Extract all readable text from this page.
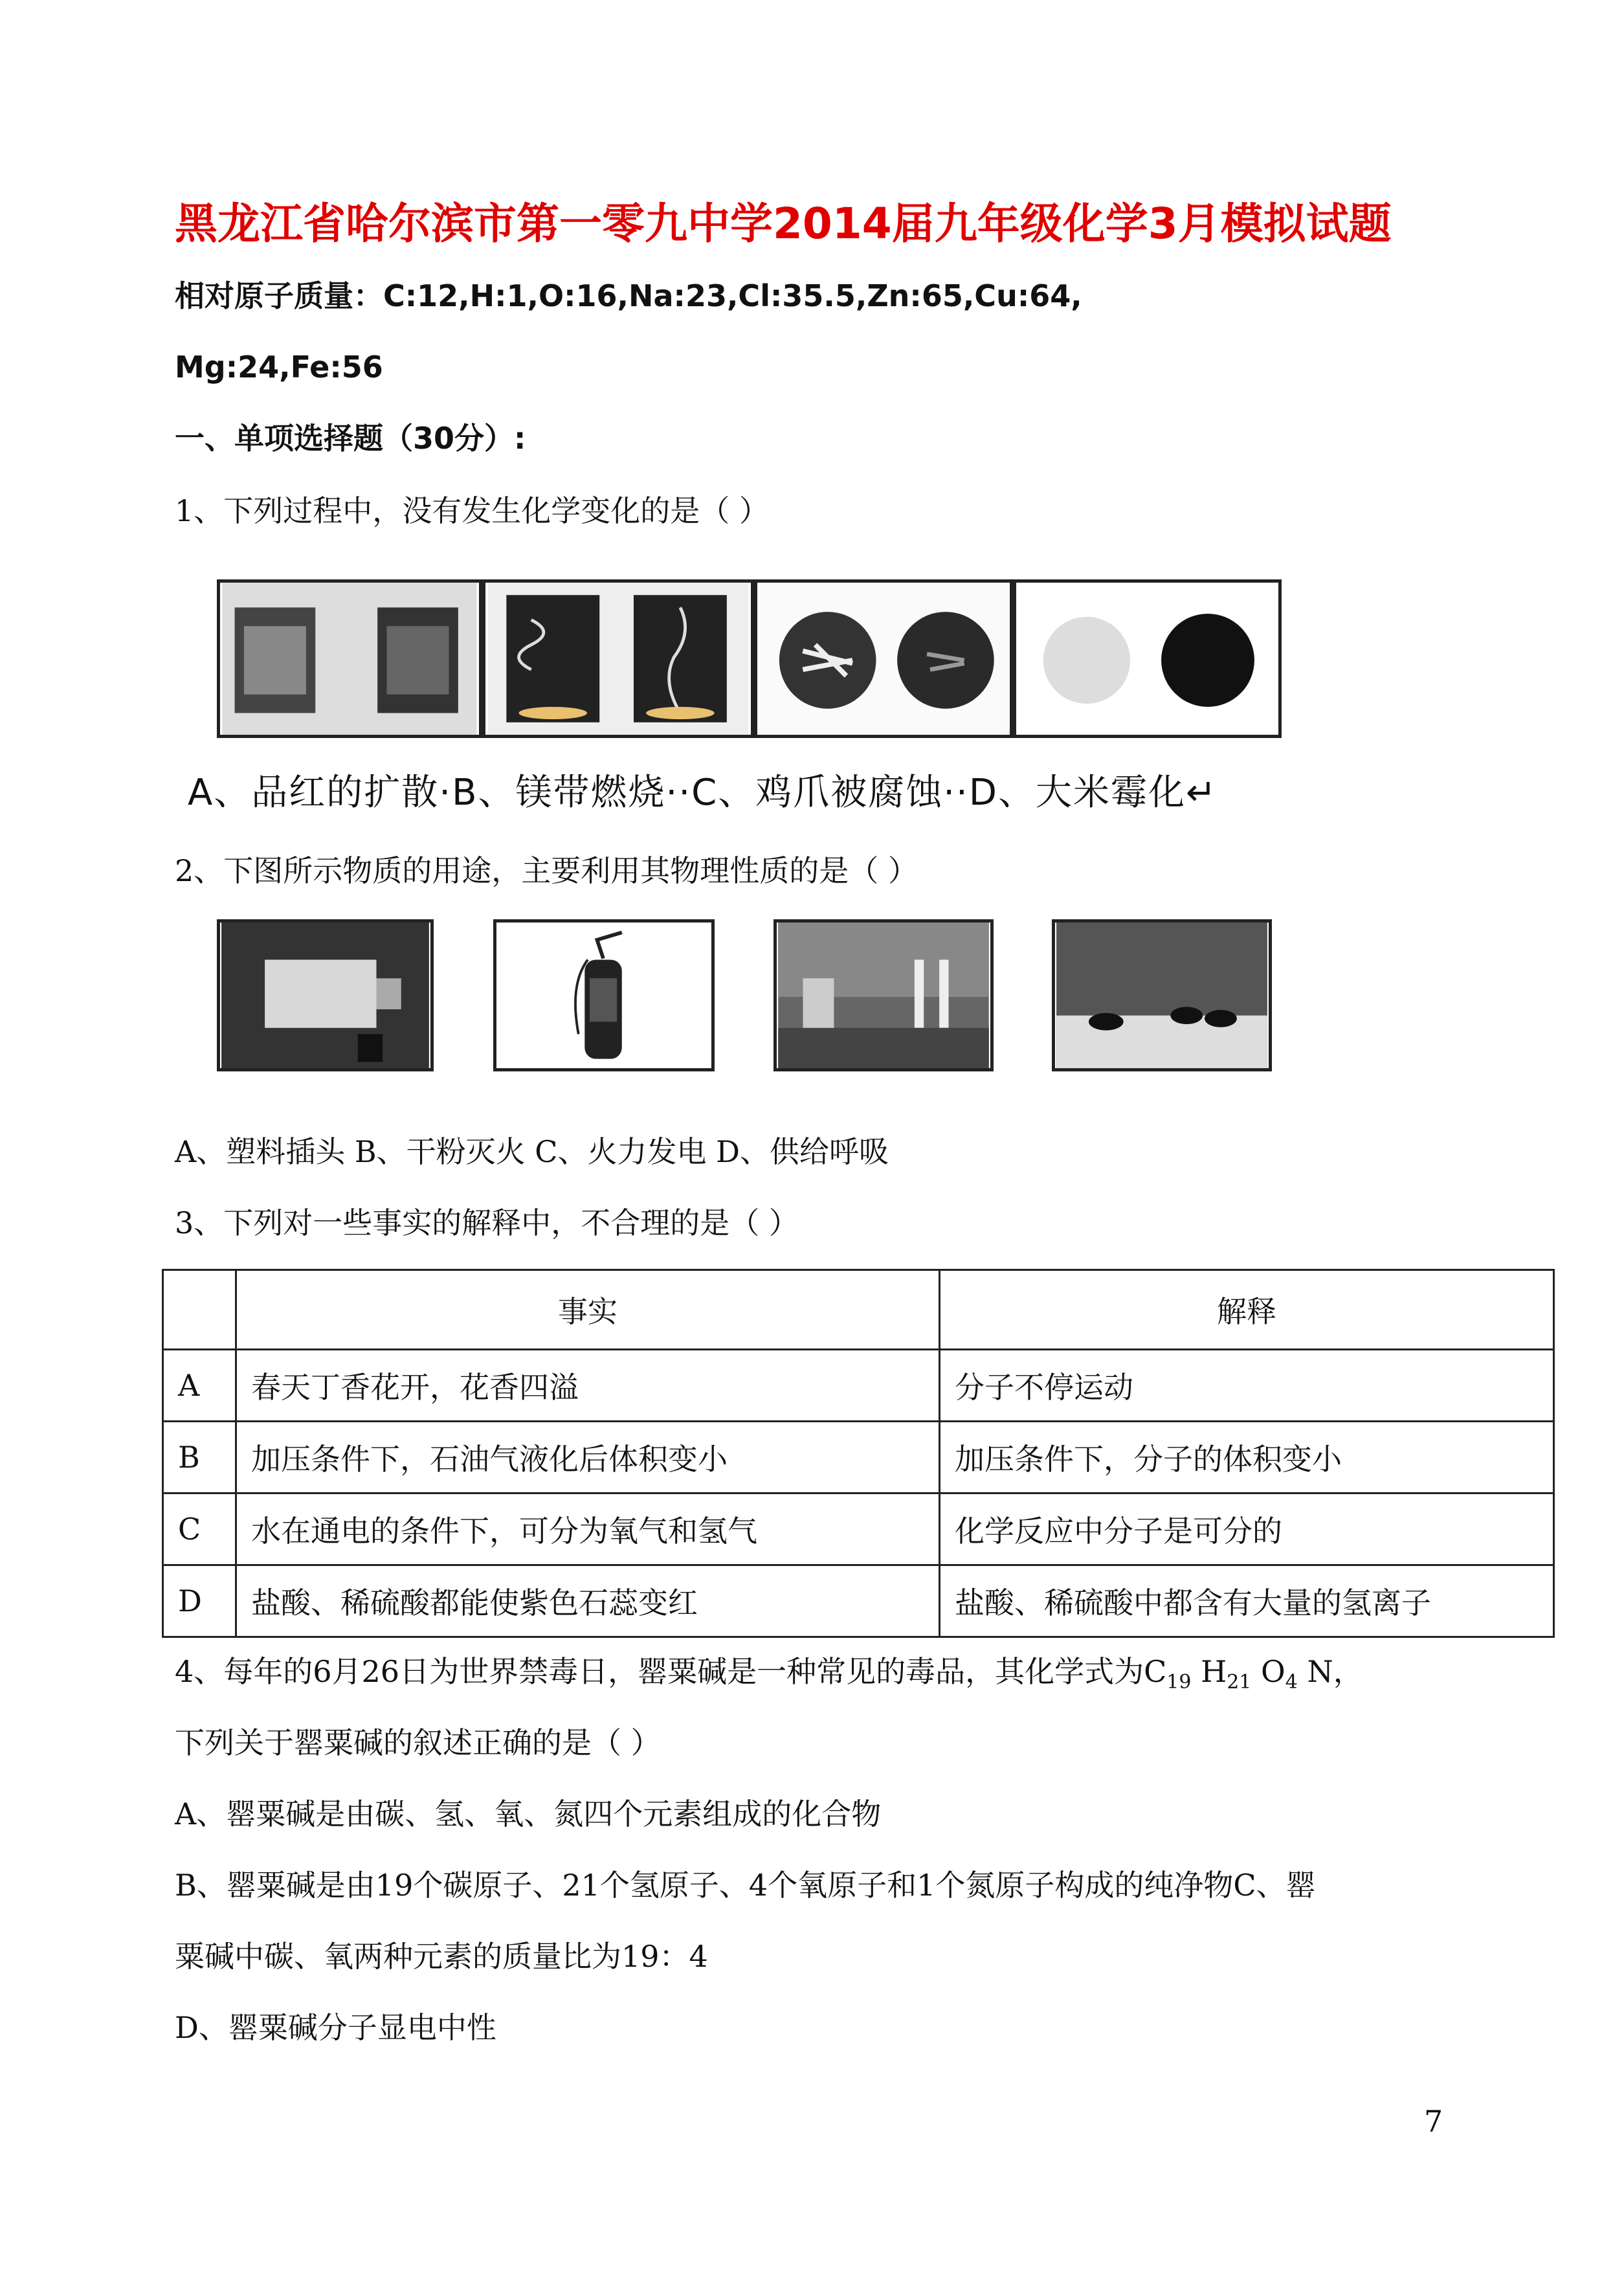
黑龙江省哈尔滨市第一零九中学2014届九年级化学3月模拟试题
相对原子质量：C:12,H:1,O:16,Na:23,Cl:35.5,Zn:65,Cu:64,
Mg:24,Fe:56
一、单项选择题（30分）:
1、下列过程中，没有发生化学变化的是（ ）
A、品红的扩散·B、镁带燃烧··C、鸡爪被腐蚀··D、大米霉化↵
2、下图所示物质的用途，主要利用其物理性质的是（ ）
A、塑料插头 B、干粉灭火 C、火力发电 D、供给呼吸
3、下列对一些事实的解释中，不合理的是（ ）
	事实	解释
A	春天丁香花开，花香四溢	分子不停运动
B	加压条件下，石油气液化后体积变小	加压条件下，分子的体积变小
C	水在通电的条件下，可分为氧气和氢气	化学反应中分子是可分的
D	盐酸、稀硫酸都能使紫色石蕊变红	盐酸、稀硫酸中都含有大量的氢离子
4、每年的6月26日为世界禁毒日，罂粟碱是一种常见的毒品，其化学式为$C_{19}$ $H_{21}$ $O_4$ N，
下列关于罂粟碱的叙述正确的是（ ）
A、罂粟碱是由碳、氢、氧、氮四个元素组成的化合物
B、罂粟碱是由19个碳原子、21个氢原子、4个氧原子和1个氮原子构成的纯净物C、罂
粟碱中碳、氧两种元素的质量比为19：4
D、罂粟碱分子显电中性
7
